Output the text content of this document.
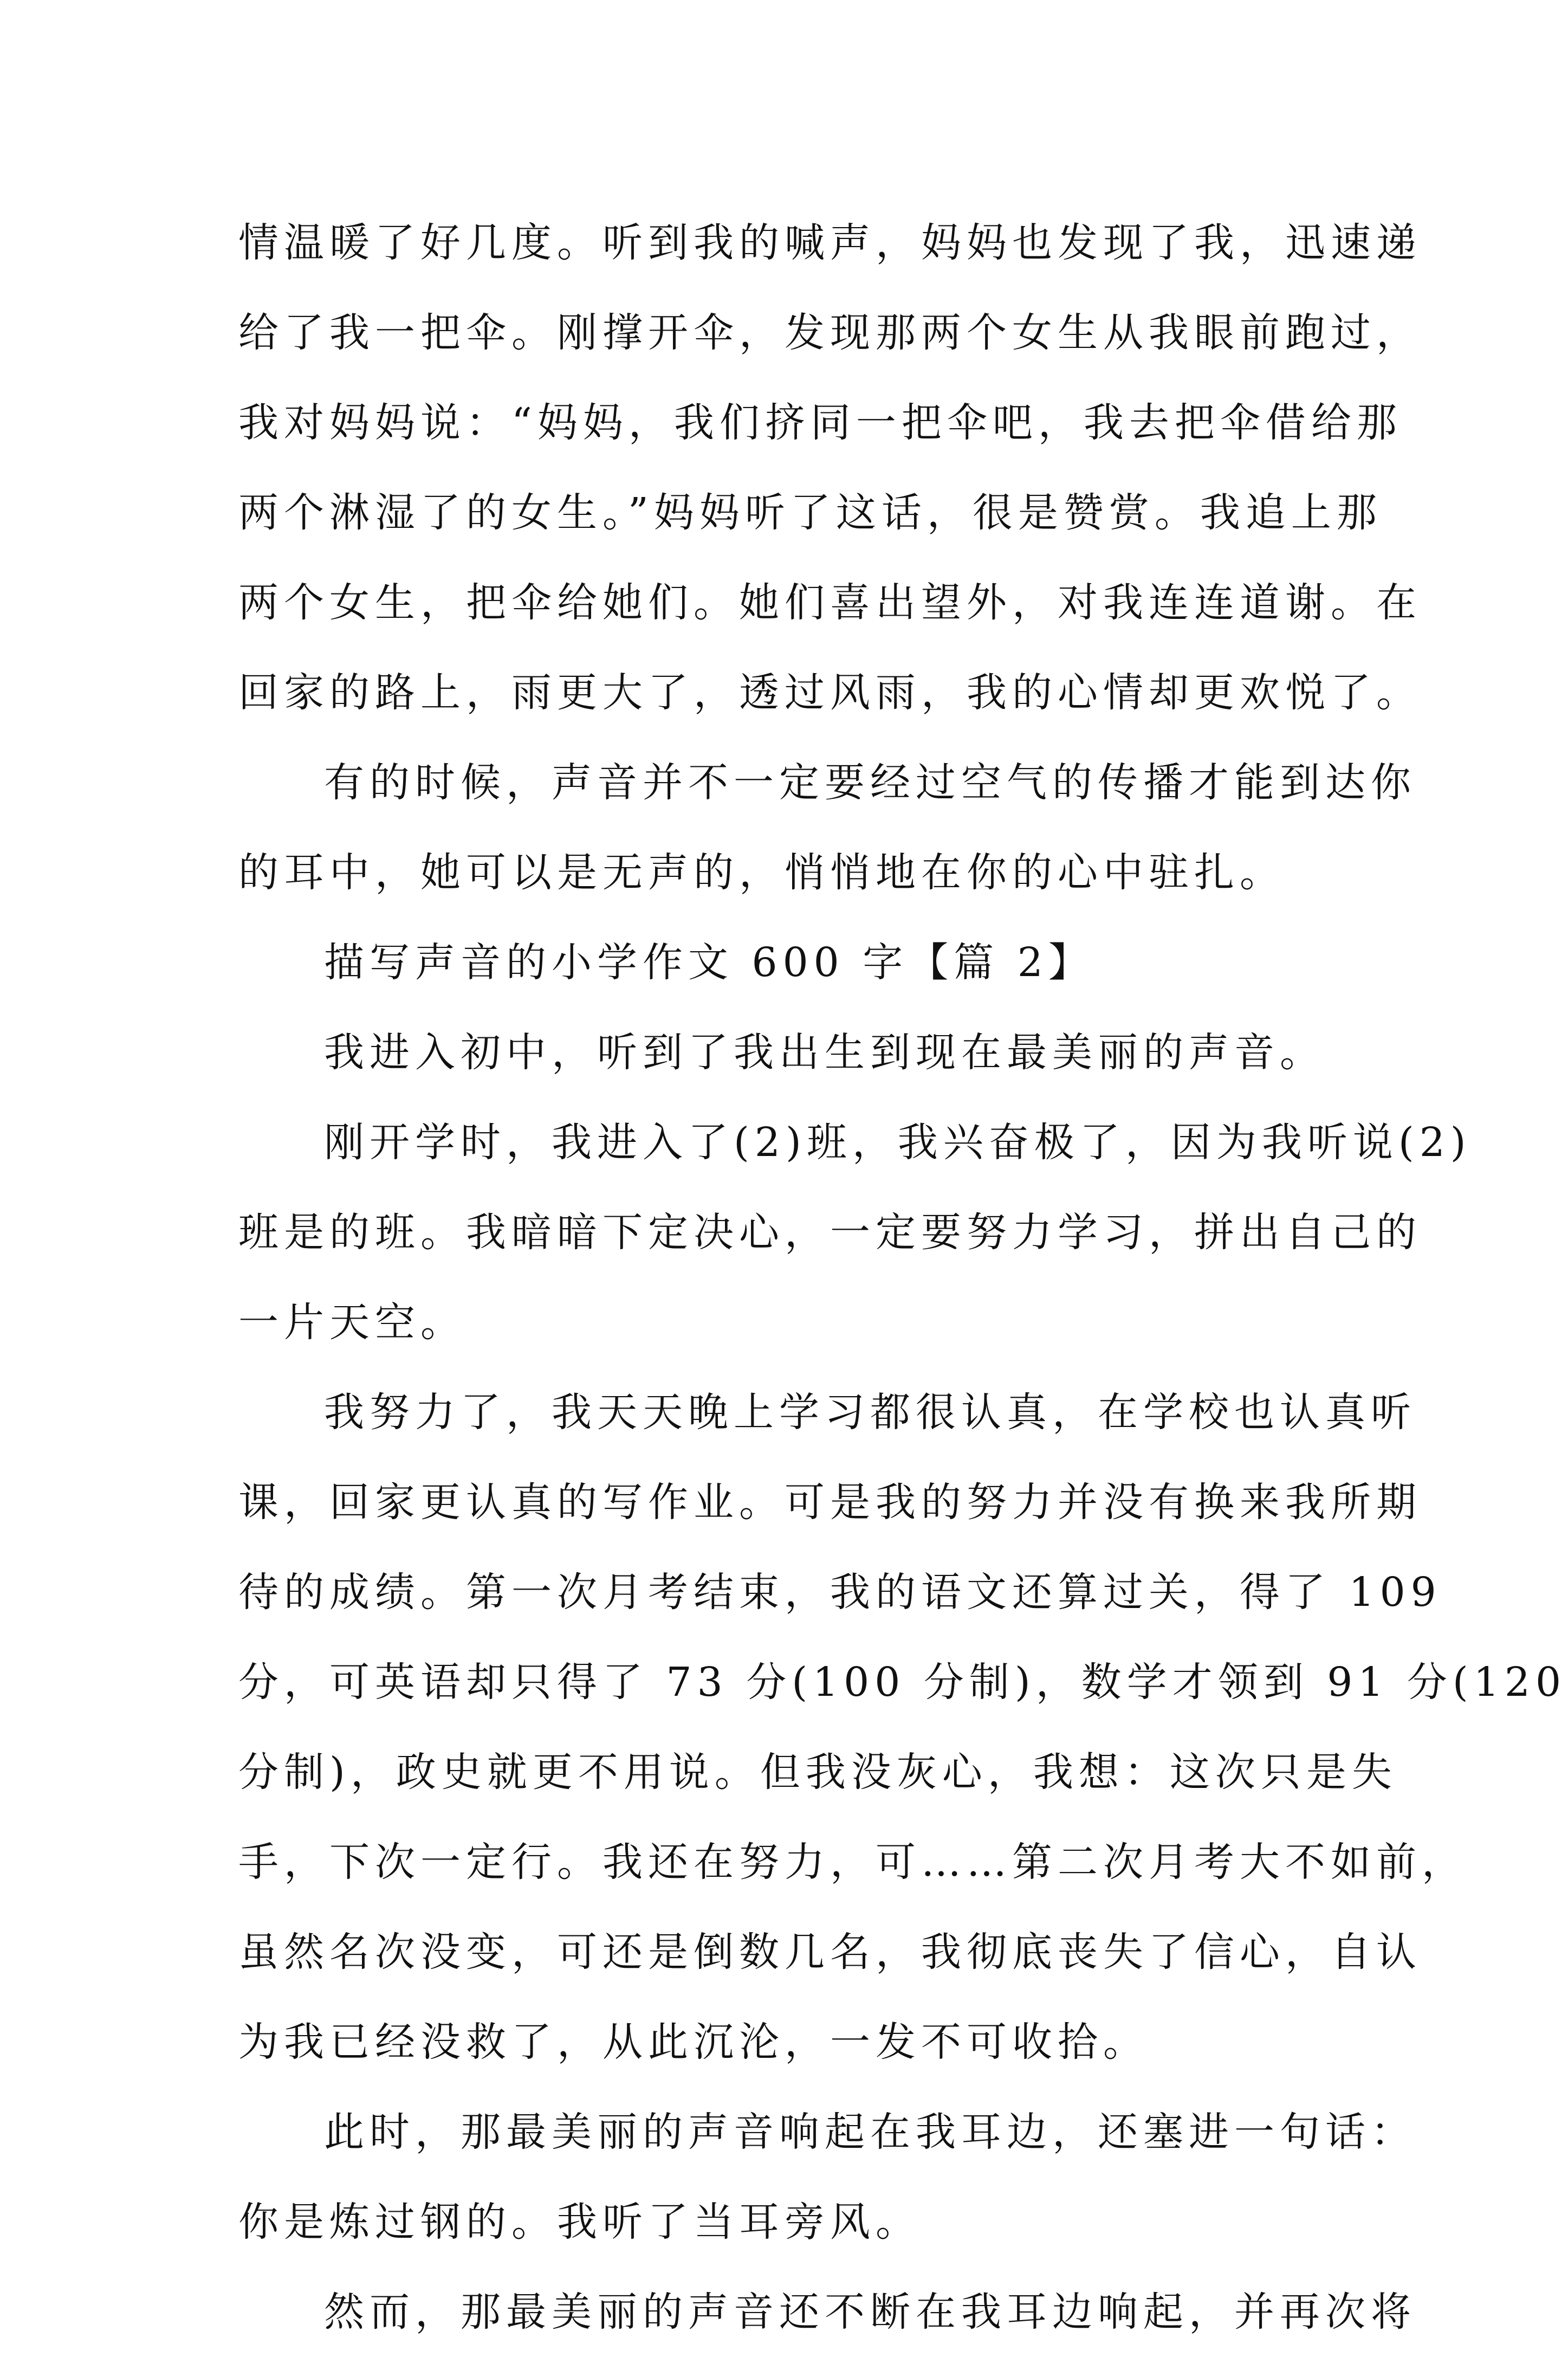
情温暖了好几度。听到我的喊声，妈妈也发现了我，迅速递
给了我一把伞。刚撑开伞，发现那两个女生从我眼前跑过，
我对妈妈说：“妈妈，我们挤同一把伞吧，我去把伞借给那
两个淋湿了的女生。”妈妈听了这话，很是赞赏。我追上那
两个女生，把伞给她们。她们喜出望外，对我连连道谢。在
回家的路上，雨更大了，透过风雨，我的心情却更欢悦了。
有的时候，声音并不一定要经过空气的传播才能到达你
的耳中，她可以是无声的，悄悄地在你的心中驻扎。
描写声音的小学作文 600 字【篇 2】
我进入初中，听到了我出生到现在最美丽的声音。
刚开学时，我进入了(2)班，我兴奋极了，因为我听说(2)
班是的班。我暗暗下定决心，一定要努力学习，拼出自己的
一片天空。
我努力了，我天天晚上学习都很认真，在学校也认真听
课，回家更认真的写作业。可是我的努力并没有换来我所期
待的成绩。第一次月考结束，我的语文还算过关，得了 109
分，可英语却只得了 73 分(100 分制)，数学才领到 91 分(120
分制)，政史就更不用说。但我没灰心，我想：这次只是失
手，下次一定行。我还在努力，可……第二次月考大不如前，
虽然名次没变，可还是倒数几名，我彻底丧失了信心，自认
为我已经没救了，从此沉沦，一发不可收拾。
此时，那最美丽的声音响起在我耳边，还塞进一句话：
你是炼过钢的。我听了当耳旁风。
然而，那最美丽的声音还不断在我耳边响起，并再次将
